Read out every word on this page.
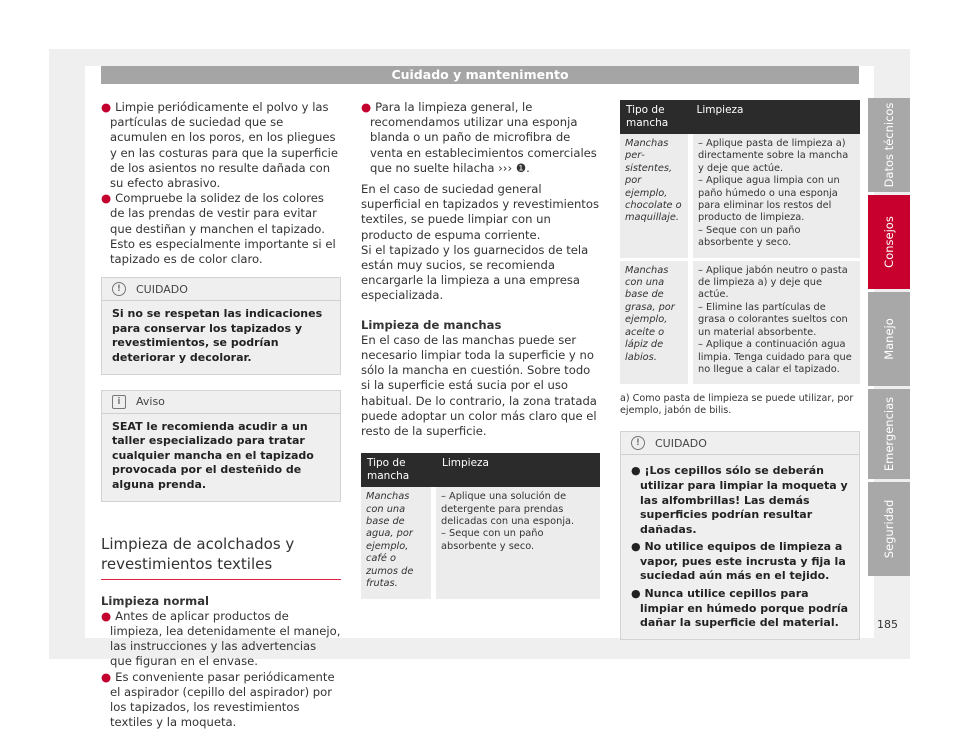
Cuidado y mantenimento

● Limpie periódicamente el polvo y las partículas de suciedad que se acumulen en los poros, en los pliegues y en las costuras para que la superficie de los asientos no resulte dañada con su efecto abrasivo.

● Compruebe la solidez de los colores de las prendas de vestir para evitar que destiñan y manchen el tapizado. Esto es especialmente importante si el tapizado es de color claro.

!	CUIDADO
Si no se respetan las indicaciones para conservar los tapizados y revestimientos, se podrían deteriorar y decolorar.
i	Aviso
SEAT le recomienda acudir a un taller especializado para tratar cualquier mancha en el tapizado provocada por el desteñido de alguna prenda.
Limpieza de acolchados y revestimientos textiles

Limpieza normal

● Antes de aplicar productos de limpieza, lea detenidamente el manejo, las instrucciones y las advertencias que figuran en el envase.

● Es conveniente pasar periódicamente el aspirador (cepillo del aspirador) por los tapizados, los revestimientos textiles y la moqueta.

● Para la limpieza general, le recomendamos utilizar una esponja blanda o un paño de microfibra de venta en establecimientos comerciales que no suelte hilacha ››› ❶.

En el caso de suciedad general superficial en tapizados y revestimientos textiles, se puede limpiar con un producto de espuma corriente.

Si el tapizado y los guarnecidos de tela están muy sucios, se recomienda encargarle la limpieza a una empresa especializada.

Limpieza de manchas

En el caso de las manchas puede ser necesario limpiar toda la superficie y no sólo la mancha en cuestión. Sobre todo si la superficie está sucia por el uso habitual. De lo contrario, la zona tratada puede adoptar un color más claro que el resto de la superficie.

Tipo de mancha	Limpieza
Manchas con una base de agua, por ejemplo, café o zumos de frutas.	– Aplique una solución de detergente para prendas delicadas con una esponja.
– Seque con un paño absorbente y seco.
Tipo de mancha	Limpieza
Manchas persistentes, por ejemplo, chocolate o maquillaje.	– Aplique pasta de limpieza a) directamente sobre la mancha y deje que actúe.
– Aplique agua limpia con un paño húmedo o una esponja para eliminar los restos del producto de limpieza.
– Seque con un paño absorbente y seco.
Manchas con una base de grasa, por ejemplo, aceite o lápiz de labios.	– Aplique jabón neutro o pasta de limpieza a) y deje que actúe.
– Elimine las partículas de grasa o colorantes sueltos con un material absorbente.
– Aplique a continuación agua limpia. Tenga cuidado para que no llegue a calar el tapizado.

a) Como pasta de limpieza se puede utilizar, por ejemplo, jabón de bilis.

!	CUIDADO

● ¡Los cepillos sólo se deberán utilizar para limpiar la moqueta y las alfombrillas! Las demás superficies podrían resultar dañadas.

● No utilice equipos de limpieza a vapor, pues este incrusta y fija la suciedad aún más en el tejido.

● Nunca utilice cepillos para limpiar en húmedo porque podría dañar la superficie del material.

Datos técnicos
Consejos
Manejo
Emergencias
Seguridad
185
